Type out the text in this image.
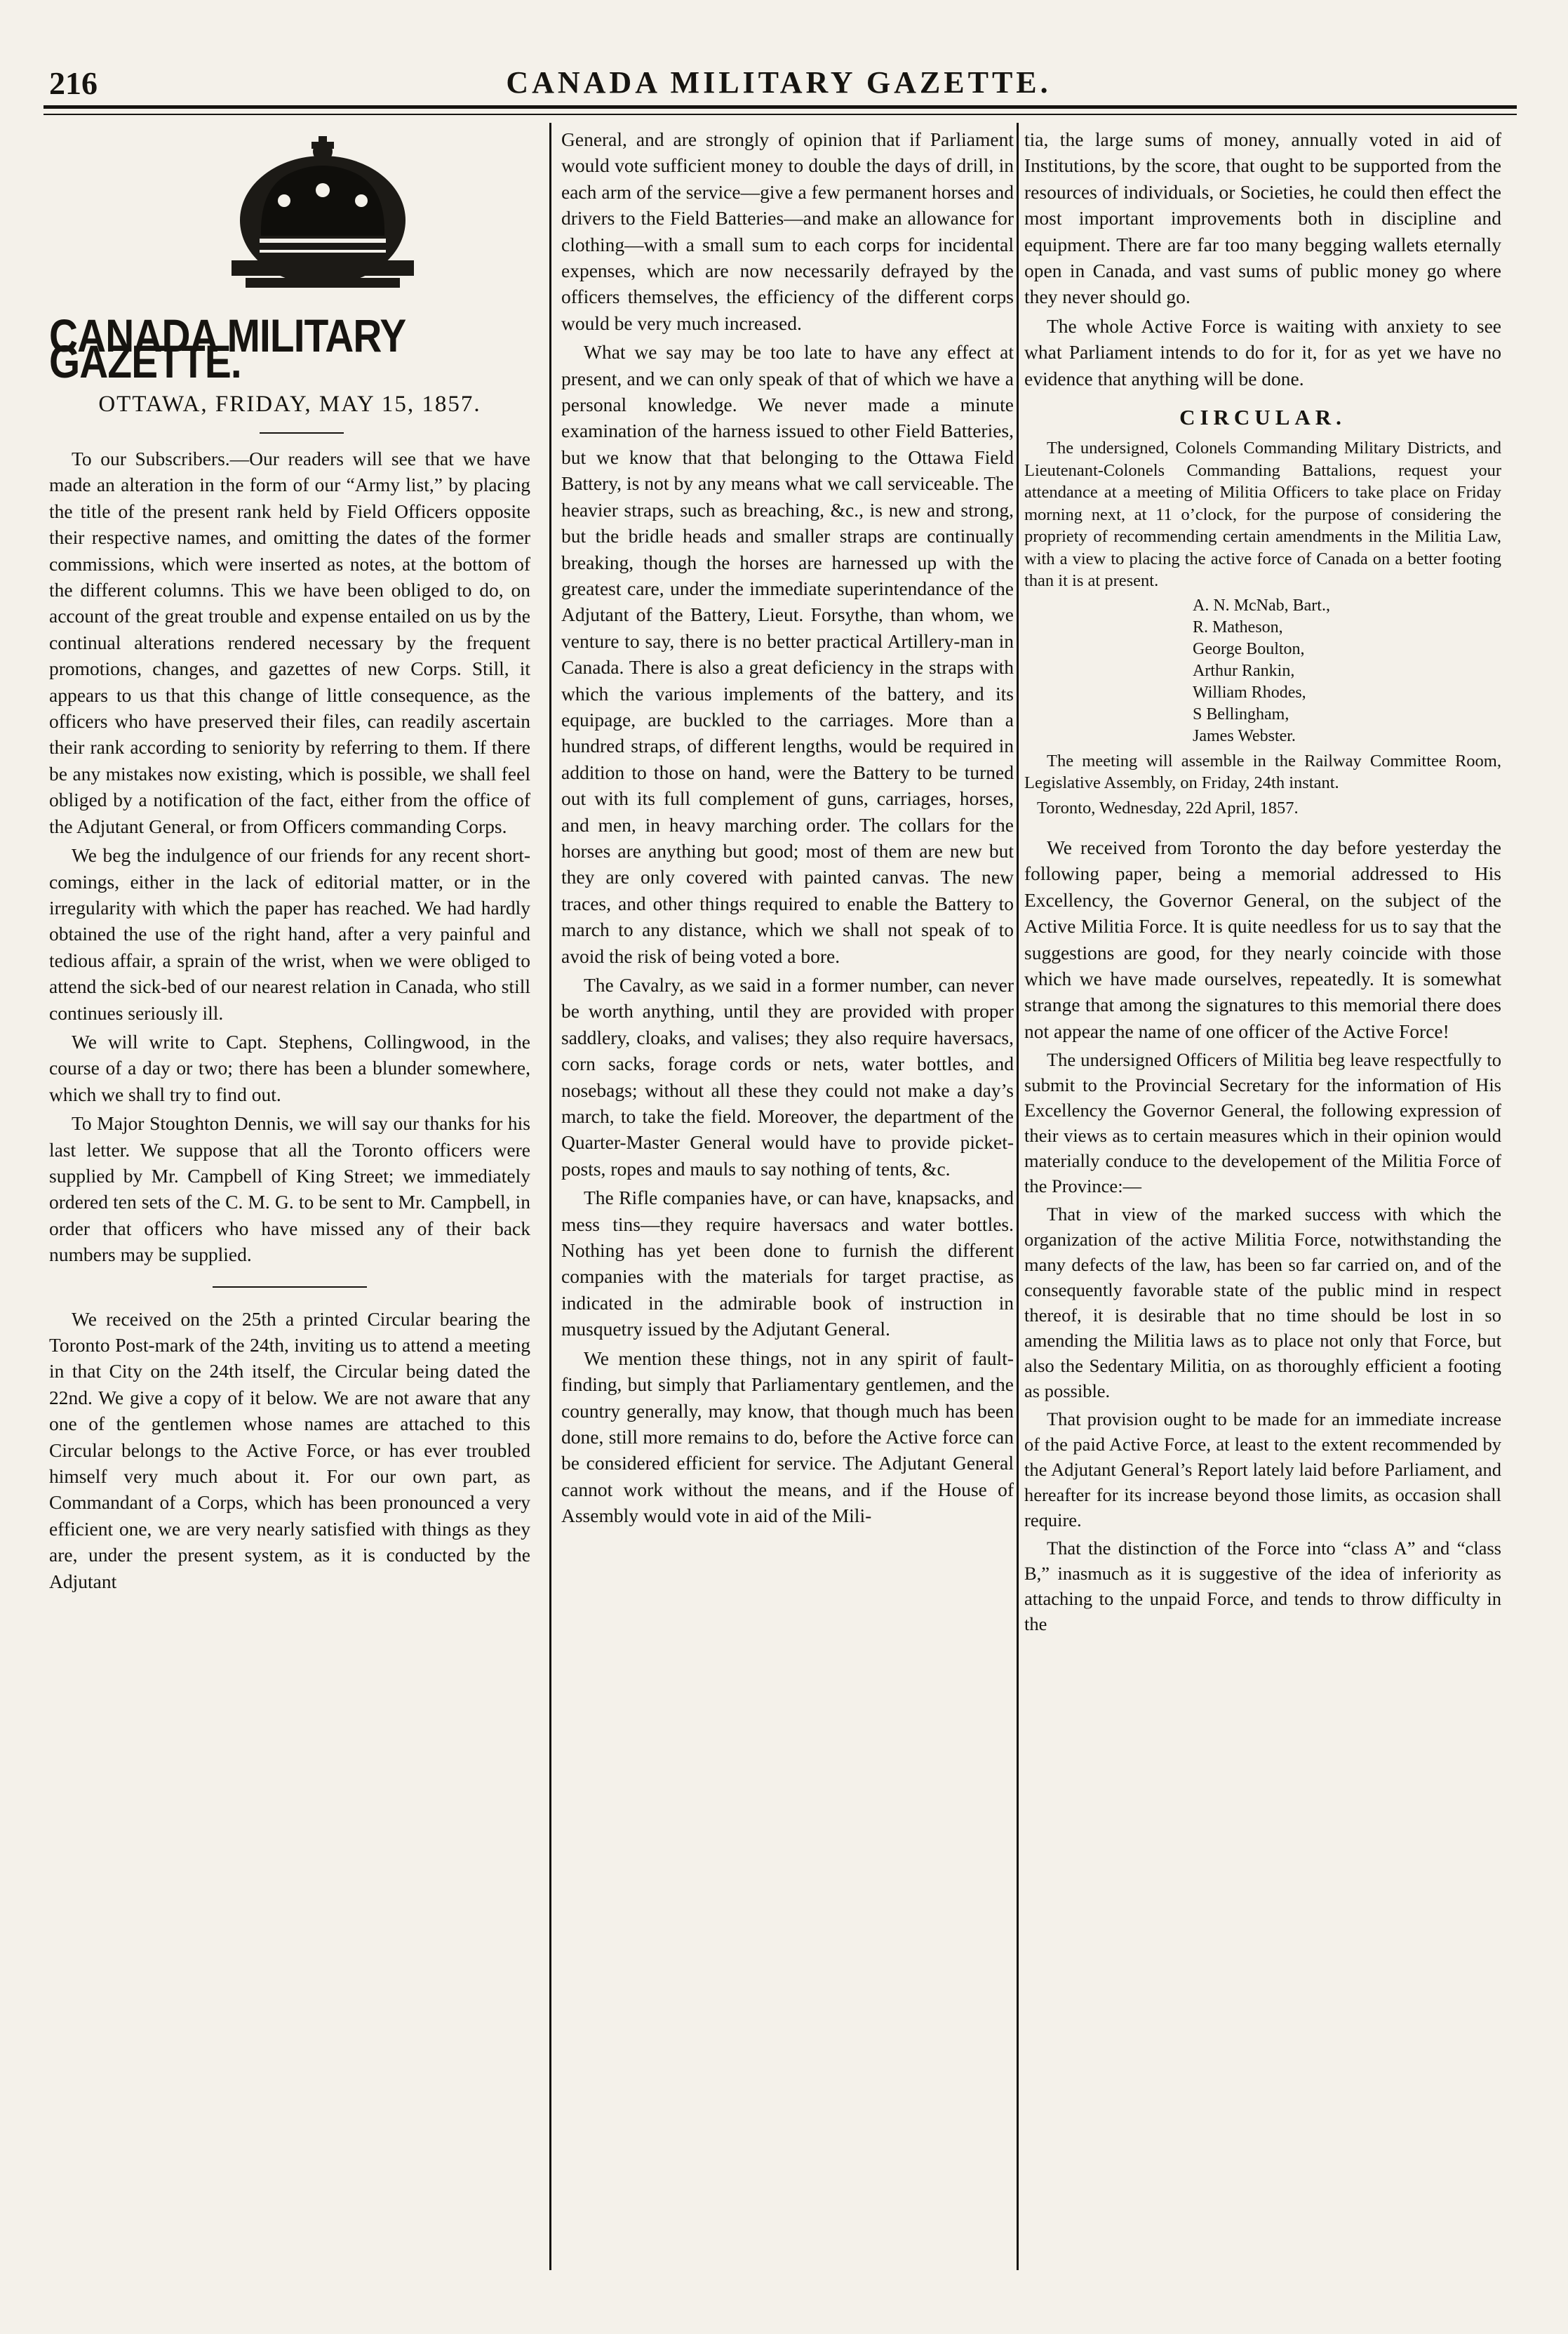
216	CANADA MILITARY GAZETTE.
CANADA MILITARY GAZETTE.
OTTAWA, FRIDAY, MAY 15, 1857.

To our Subscribers.—Our readers will see that we have made an alteration in the form of our “Army list,” by placing the title of the present rank held by Field Officers opposite their respective names, and omitting the dates of the former commissions, which were inserted as notes, at the bottom of the different columns. This we have been obliged to do, on account of the great trouble and expense entailed on us by the continual alterations rendered necessary by the frequent promotions, changes, and gazettes of new Corps. Still, it appears to us that this change of little consequence, as the officers who have preserved their files, can readily ascertain their rank according to seniority by referring to them. If there be any mistakes now existing, which is possible, we shall feel obliged by a notification of the fact, either from the office of the Adjutant General, or from Officers commanding Corps.

We beg the indulgence of our friends for any recent short-comings, either in the lack of editorial matter, or in the irregularity with which the paper has reached. We had hardly obtained the use of the right hand, after a very painful and tedious affair, a sprain of the wrist, when we were obliged to attend the sick-bed of our nearest relation in Canada, who still continues seriously ill.

We will write to Capt. Stephens, Collingwood, in the course of a day or two; there has been a blunder somewhere, which we shall try to find out.

To Major Stoughton Dennis, we will say our thanks for his last letter. We suppose that all the Toronto officers were supplied by Mr. Campbell of King Street; we immediately ordered ten sets of the C. M. G. to be sent to Mr. Campbell, in order that officers who have missed any of their back numbers may be supplied.

We received on the 25th a printed Circular bearing the Toronto Post-mark of the 24th, inviting us to attend a meeting in that City on the 24th itself, the Circular being dated the 22nd. We give a copy of it below. We are not aware that any one of the gentlemen whose names are attached to this Circular belongs to the Active Force, or has ever troubled himself very much about it. For our own part, as Commandant of a Corps, which has been pronounced a very efficient one, we are very nearly satisfied with things as they are, under the present system, as it is conducted by the Adjutant

General, and are strongly of opinion that if Parliament would vote sufficient money to double the days of drill, in each arm of the service—give a few permanent horses and drivers to the Field Batteries—and make an allowance for clothing—with a small sum to each corps for incidental expenses, which are now necessarily defrayed by the officers themselves, the efficiency of the different corps would be very much increased.

What we say may be too late to have any effect at present, and we can only speak of that of which we have a personal knowledge. We never made a minute examination of the harness issued to other Field Batteries, but we know that that belonging to the Ottawa Field Battery, is not by any means what we call serviceable. The heavier straps, such as breaching, &c., is new and strong, but the bridle heads and smaller straps are continually breaking, though the horses are harnessed up with the greatest care, under the immediate superintendance of the Adjutant of the Battery, Lieut. Forsythe, than whom, we venture to say, there is no better practical Artillery-man in Canada. There is also a great deficiency in the straps with which the various implements of the battery, and its equipage, are buckled to the carriages. More than a hundred straps, of different lengths, would be required in addition to those on hand, were the Battery to be turned out with its full complement of guns, carriages, horses, and men, in heavy marching order. The collars for the horses are anything but good; most of them are new but they are only covered with painted canvas. The new traces, and other things required to enable the Battery to march to any distance, which we shall not speak of to avoid the risk of being voted a bore.

The Cavalry, as we said in a former number, can never be worth anything, until they are provided with proper saddlery, cloaks, and valises; they also require haversacs, corn sacks, forage cords or nets, water bottles, and nosebags; without all these they could not make a day’s march, to take the field. Moreover, the department of the Quarter-Master General would have to provide picket-posts, ropes and mauls to say nothing of tents, &c.

The Rifle companies have, or can have, knapsacks, and mess tins—they require haversacs and water bottles. Nothing has yet been done to furnish the different companies with the materials for target practise, as indicated in the admirable book of instruction in musquetry issued by the Adjutant General.

We mention these things, not in any spirit of fault-finding, but simply that Parliamentary gentlemen, and the country generally, may know, that though much has been done, still more remains to do, before the Active force can be considered efficient for service. The Adjutant General cannot work without the means, and if the House of Assembly would vote in aid of the Mili-

tia, the large sums of money, annually voted in aid of Institutions, by the score, that ought to be supported from the resources of individuals, or Societies, he could then effect the most important improvements both in discipline and equipment. There are far too many begging wallets eternally open in Canada, and vast sums of public money go where they never should go.

The whole Active Force is waiting with anxiety to see what Parliament intends to do for it, for as yet we have no evidence that anything will be done.

CIRCULAR.

The undersigned, Colonels Commanding Military Districts, and Lieutenant-Colonels Commanding Battalions, request your attendance at a meeting of Militia Officers to take place on Friday morning next, at 11 o’clock, for the purpose of considering the propriety of recommending certain amendments in the Militia Law, with a view to placing the active force of Canada on a better footing than it is at present.

A. N. McNab, Bart.,
R. Matheson,
George Boulton,
Arthur Rankin,
William Rhodes,
S Bellingham,
James Webster.

The meeting will assemble in the Railway Committee Room, Legislative Assembly, on Friday, 24th instant.

Toronto, Wednesday, 22d April, 1857.

We received from Toronto the day before yesterday the following paper, being a memorial addressed to His Excellency, the Governor General, on the subject of the Active Militia Force. It is quite needless for us to say that the suggestions are good, for they nearly coincide with those which we have made ourselves, repeatedly. It is somewhat strange that among the signatures to this memorial there does not appear the name of one officer of the Active Force!

The undersigned Officers of Militia beg leave respectfully to submit to the Provincial Secretary for the information of His Excellency the Governor General, the following expression of their views as to certain measures which in their opinion would materially conduce to the developement of the Militia Force of the Province:—

That in view of the marked success with which the organization of the active Militia Force, notwithstanding the many defects of the law, has been so far carried on, and of the consequently favorable state of the public mind in respect thereof, it is desirable that no time should be lost in so amending the Militia laws as to place not only that Force, but also the Sedentary Militia, on as thoroughly efficient a footing as possible.

That provision ought to be made for an immediate increase of the paid Active Force, at least to the extent recommended by the Adjutant General’s Report lately laid before Parliament, and hereafter for its increase beyond those limits, as occasion shall require.

That the distinction of the Force into “class A” and “class B,” inasmuch as it is suggestive of the idea of inferiority as attaching to the unpaid Force, and tends to throw difficulty in the
